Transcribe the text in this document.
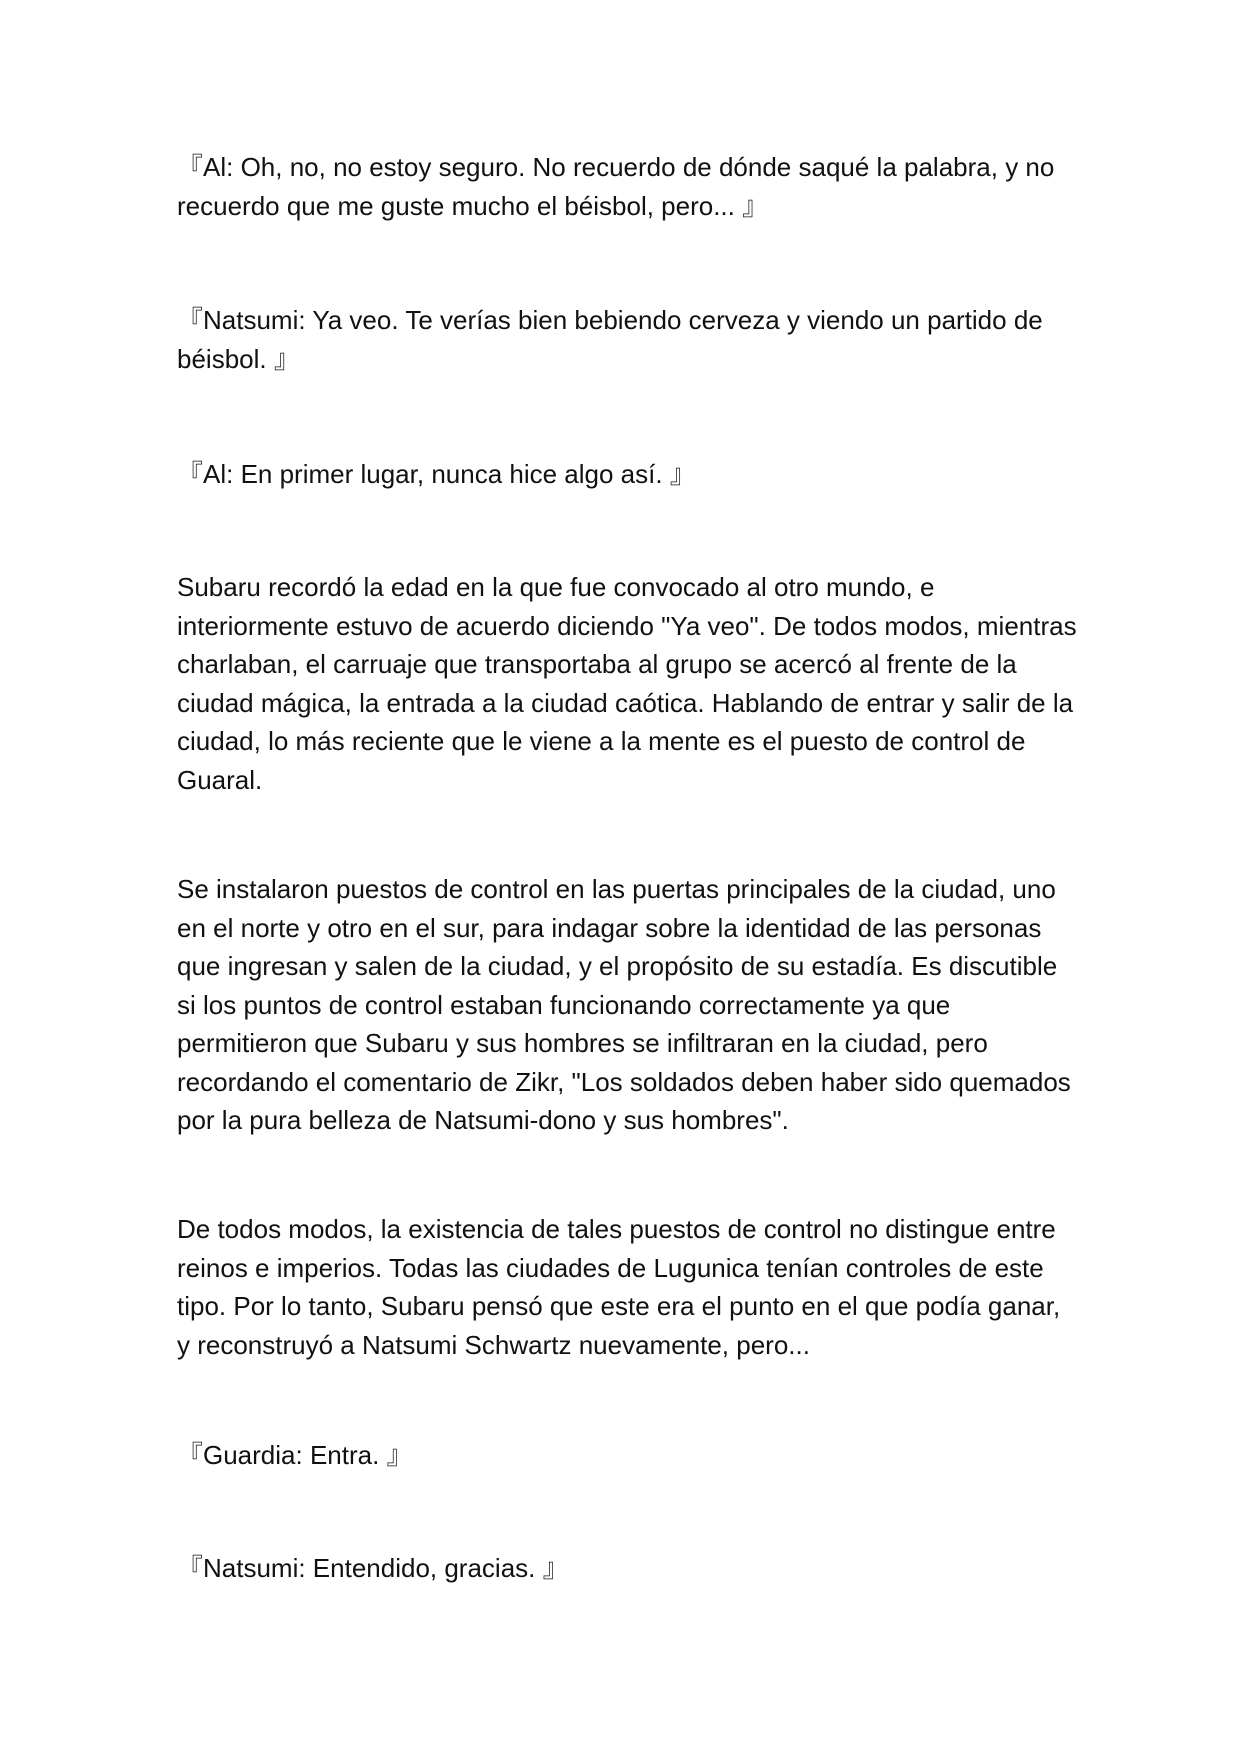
『Al: Oh, no, no estoy seguro. No recuerdo de dónde saqué la palabra, y no recuerdo que me guste mucho el béisbol, pero... 』

『Natsumi: Ya veo. Te verías bien bebiendo cerveza y viendo un partido de béisbol. 』

『Al: En primer lugar, nunca hice algo así. 』

Subaru recordó la edad en la que fue convocado al otro mundo, e interiormente estuvo de acuerdo diciendo "Ya veo". De todos modos, mientras charlaban, el carruaje que transportaba al grupo se acercó al frente de la ciudad mágica, la entrada a la ciudad caótica. Hablando de entrar y salir de la ciudad, lo más reciente que le viene a la mente es el puesto de control de Guaral.

Se instalaron puestos de control en las puertas principales de la ciudad, uno en el norte y otro en el sur, para indagar sobre la identidad de las personas que ingresan y salen de la ciudad, y el propósito de su estadía. Es discutible si los puntos de control estaban funcionando correctamente ya que permitieron que Subaru y sus hombres se infiltraran en la ciudad, pero recordando el comentario de Zikr, "Los soldados deben haber sido quemados por la pura belleza de Natsumi-dono y sus hombres".

De todos modos, la existencia de tales puestos de control no distingue entre reinos e imperios. Todas las ciudades de Lugunica tenían controles de este tipo. Por lo tanto, Subaru pensó que este era el punto en el que podía ganar, y reconstruyó a Natsumi Schwartz nuevamente, pero...

『Guardia: Entra. 』

『Natsumi: Entendido, gracias. 』
